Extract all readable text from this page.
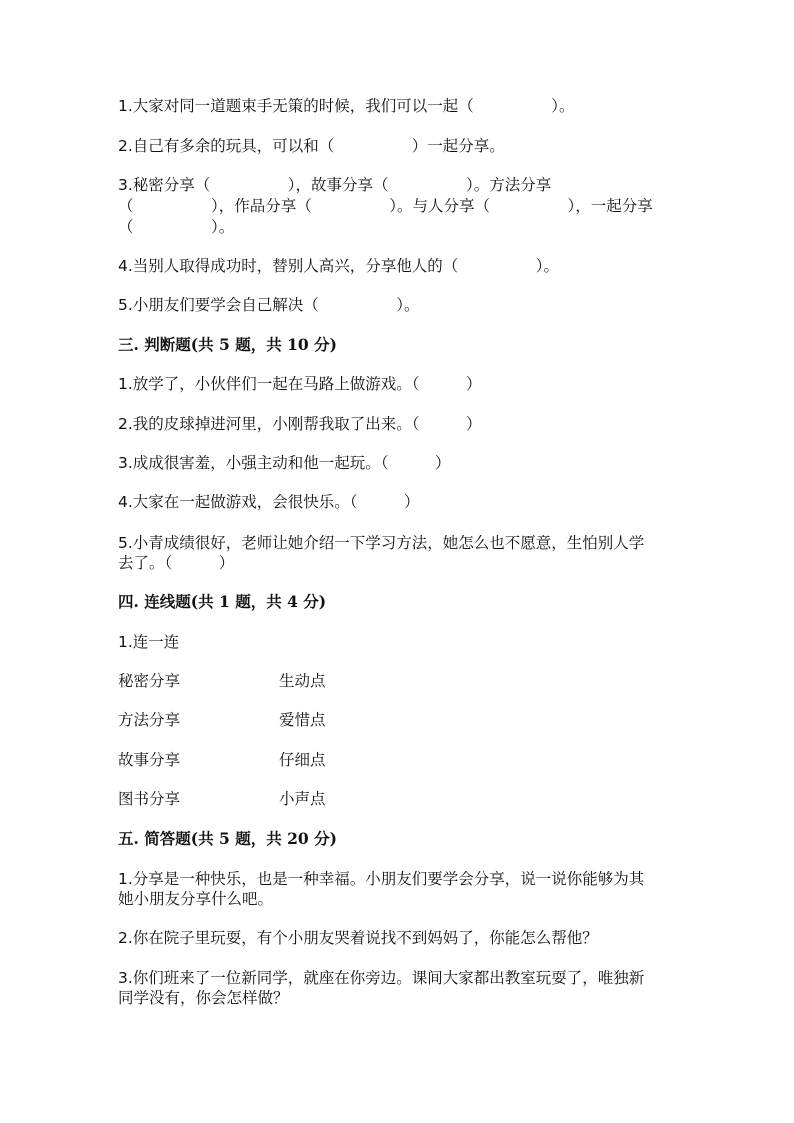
1.大家对同一道题束手无策的时候，我们可以一起（　　　　　）。
2.自己有多余的玩具，可以和（　　　　　）一起分享。
3.秘密分享（　　　　　），故事分享（　　　　　）。方法分享
（　　　　　），作品分享（　　　　　）。与人分享（　　　　　），一起分享
（　　　　　）。
4.当别人取得成功时，替别人高兴，分享他人的（　　　　　）。
5.小朋友们要学会自己解决（　　　　　）。
三. 判断题(共 5 题，共 10 分)
1.放学了，小伙伴们一起在马路上做游戏。（　　　）
2.我的皮球掉进河里，小刚帮我取了出来。（　　　）
3.成成很害羞，小强主动和他一起玩。（　　　）
4.大家在一起做游戏，会很快乐。（　　　）
5.小青成绩很好，老师让她介绍一下学习方法，她怎么也不愿意，生怕别人学
去了。（　　　）
四. 连线题(共 1 题，共 4 分)
1.连一连
秘密分享	生动点
方法分享	爱惜点
故事分享	仔细点
图书分享	小声点
五. 简答题(共 5 题，共 20 分)
1.分享是一种快乐，也是一种幸福。小朋友们要学会分享，说一说你能够为其
她小朋友分享什么吧。
2.你在院子里玩耍，有个小朋友哭着说找不到妈妈了，你能怎么帮他？
3.你们班来了一位新同学，就座在你旁边。课间大家都出教室玩耍了，唯独新
同学没有，你会怎样做？
